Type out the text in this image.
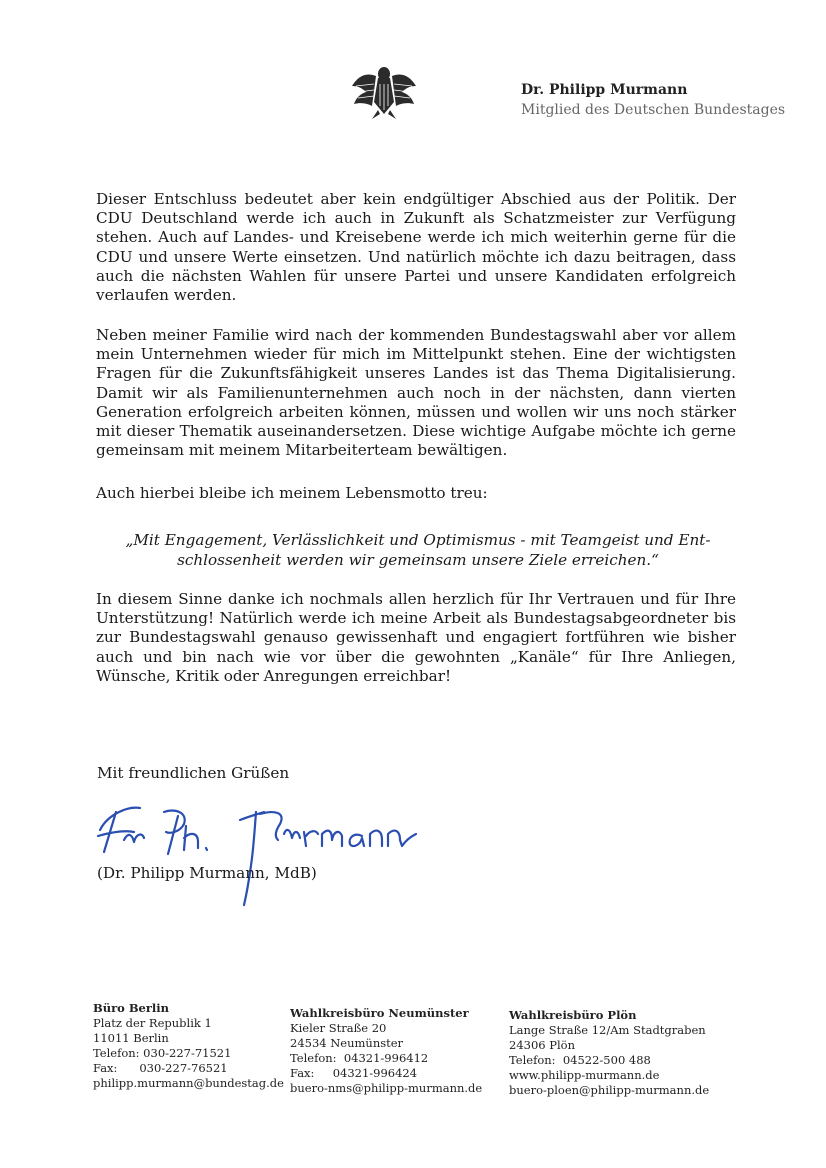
Dr. Philipp Murmann
Mitglied des Deutschen Bundestages
Dieser Entschluss bedeutet aber kein endgültiger Abschied aus der Politik. Der CDU Deutschland werde ich auch in Zukunft als Schatzmeister zur Verfügung stehen. Auch auf Landes- und Kreisebene werde ich mich weiterhin gerne für die CDU und unsere Werte einsetzen. Und natürlich möchte ich dazu beitragen, dass auch die nächsten Wahlen für unsere Partei und unsere Kandidaten erfolgreich verlaufen werden.
Neben meiner Familie wird nach der kommenden Bundestagswahl aber vor allem mein Unternehmen wieder für mich im Mittelpunkt stehen. Eine der wichtigsten Fragen für die Zukunftsfähigkeit unseres Landes ist das Thema Digitalisierung. Damit wir als Familienunternehmen auch noch in der nächsten, dann vierten Generation erfolgreich arbeiten können, müssen und wollen wir uns noch stärker mit dieser Thematik auseinandersetzen. Diese wichtige Aufgabe möchte ich gerne gemeinsam mit meinem Mitarbeiterteam bewältigen.
Auch hierbei bleibe ich meinem Lebensmotto treu:
„Mit Engagement, Verlässlichkeit und Optimismus - mit Teamgeist und Ent-
schlossenheit werden wir gemeinsam unsere Ziele erreichen.“
In diesem Sinne danke ich nochmals allen herzlich für Ihr Vertrauen und für Ihre Unterstützung! Natürlich werde ich meine Arbeit als Bundestagsabgeordneter bis zur Bundestagswahl genauso gewissenhaft und engagiert fortführen wie bisher auch und bin nach wie vor über die gewohnten „Kanäle“ für Ihre Anliegen, Wünsche, Kritik oder Anregungen erreichbar!
Mit freundlichen Grüßen
(Dr. Philipp Murmann, MdB)
Büro Berlin
Platz der Republik 1
11011 Berlin
Telefon: 030-227-71521
Fax:      030-227-76521
philipp.murmann@bundestag.de
Wahlkreisbüro Neumünster
Kieler Straße 20
24534 Neumünster
Telefon:  04321-996412
Fax:     04321-996424
buero-nms@philipp-murmann.de
Wahlkreisbüro Plön
Lange Straße 12/Am Stadtgraben
24306 Plön
Telefon:  04522-500 488
www.philipp-murmann.de
buero-ploen@philipp-murmann.de
